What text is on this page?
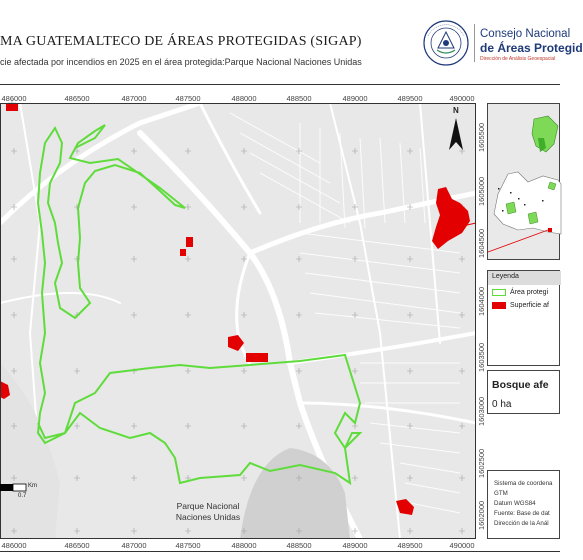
MA GUATEMALTECO DE ÁREAS PROTEGIDAS (SIGAP)
cie afectada por incendios en 2025 en el área protegida:Parque Nacional Naciones Unidas
Consejo Nacional
de Áreas Protegid
Dirección de Análisis Geoespacial
Parque Nacional
Naciones Unidas
486000	486500	487000	487500	488000	488500	489000	489500	490000
486000	486500	487000	487500	488000	488500	489000	489500	490000
1605500
1605000
1604500
1604000
1603500
1603000
1602500
1602000
N
Km
0.7
Leyenda
Área protegi
Superficie af
Bosque afe
0 ha
Sistema de coordena
GTM
Datum WGS84
Fuente: Base de dat
Dirección de la Anál
